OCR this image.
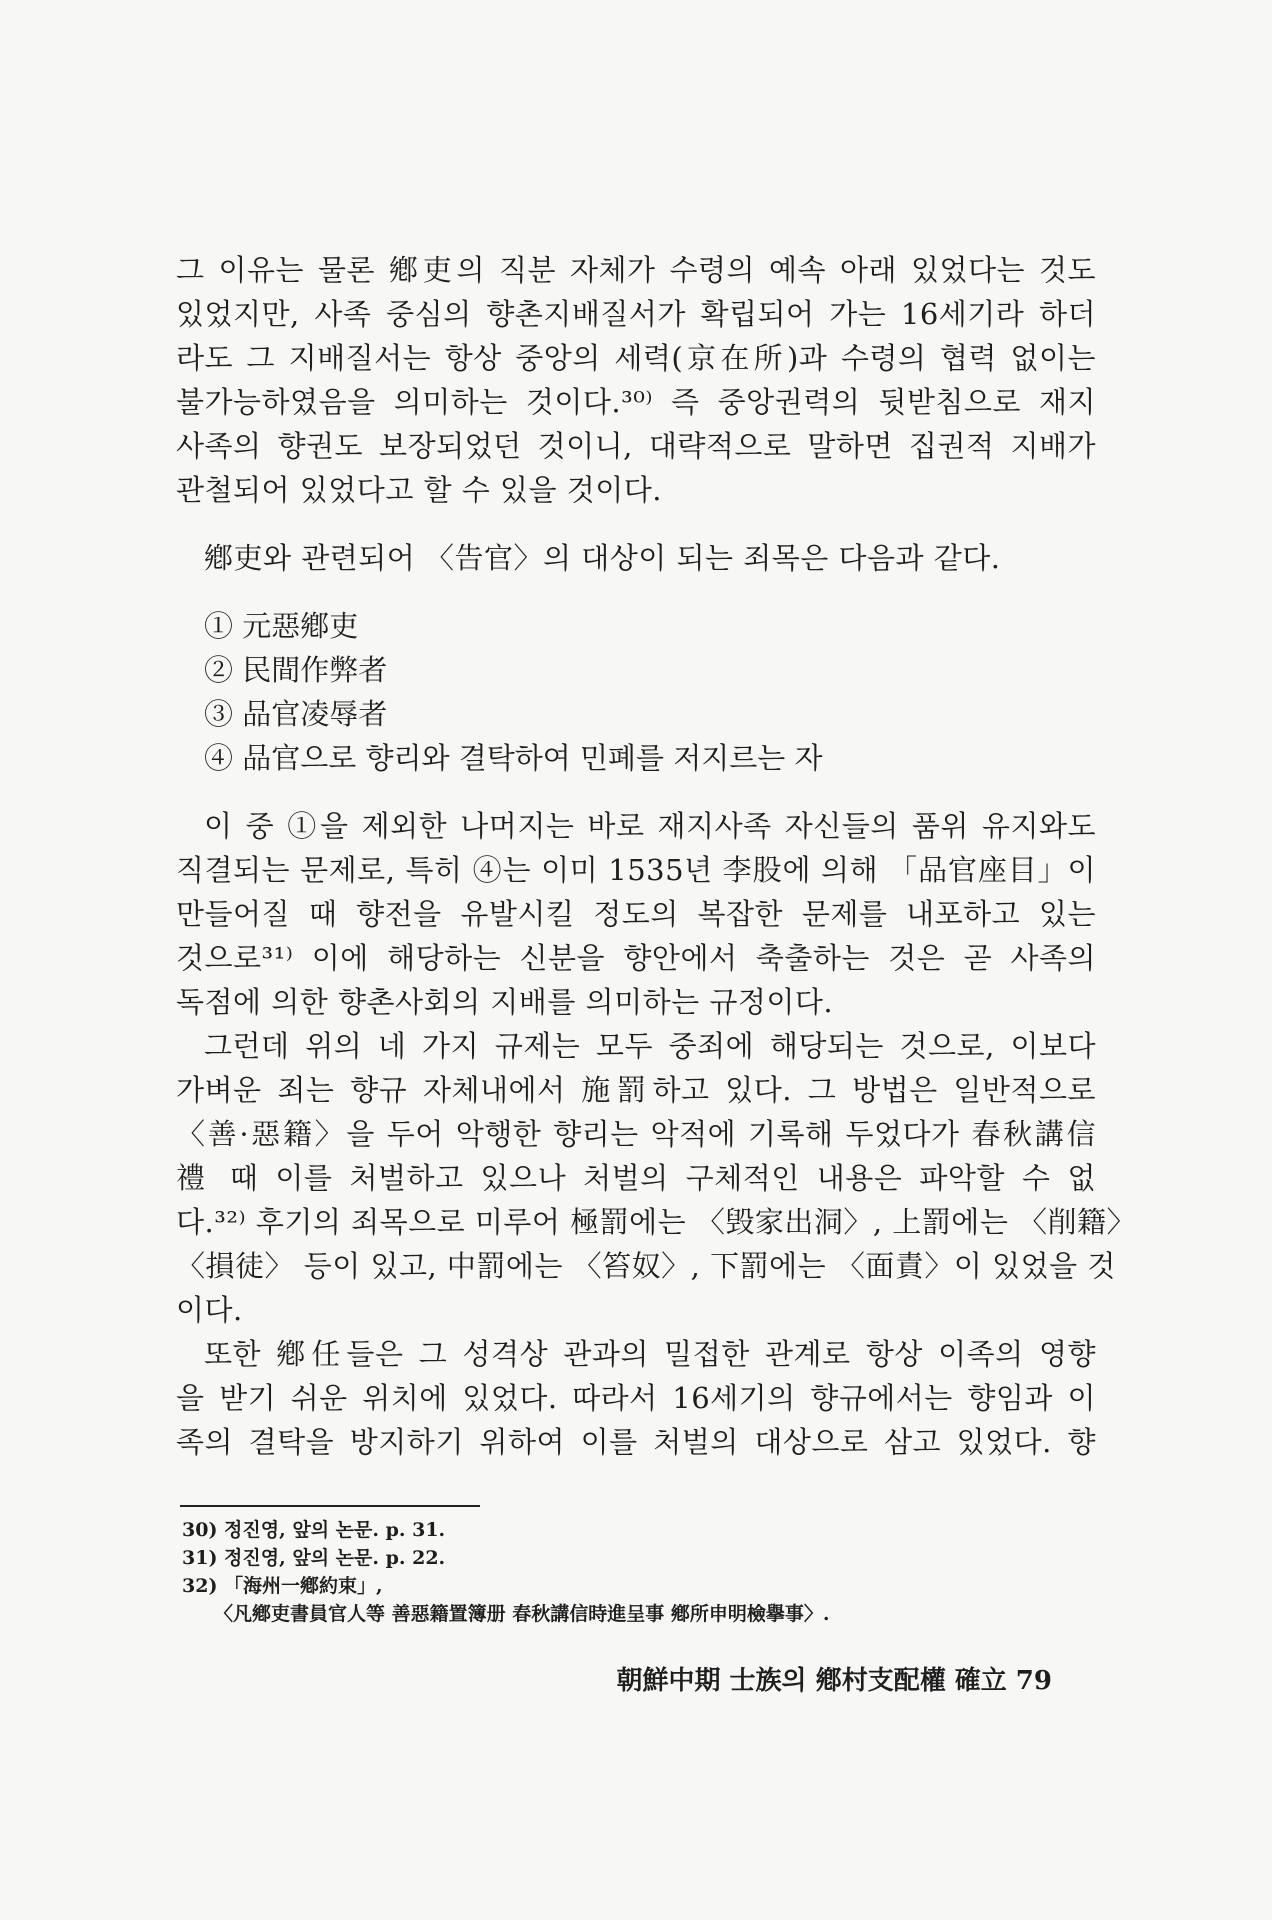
그 이유는 물론 鄕吏의 직분 자체가 수령의 예속 아래 있었다는 것도
있었지만, 사족 중심의 향촌지배질서가 확립되어 가는 16세기라 하더
라도 그 지배질서는 항상 중앙의 세력(京在所)과 수령의 협력 없이는
불가능하였음을 의미하는 것이다.³⁰⁾ 즉 중앙권력의 뒷받침으로 재지
사족의 향권도 보장되었던 것이니, 대략적으로 말하면 집권적 지배가
관철되어 있었다고 할 수 있을 것이다.
鄕吏와 관련되어 〈告官〉의 대상이 되는 죄목은 다음과 같다.
① 元惡鄕吏
② 民間作弊者
③ 品官凌辱者
④ 品官으로 향리와 결탁하여 민폐를 저지르는 자
이 중 ①을 제외한 나머지는 바로 재지사족 자신들의 품위 유지와도
직결되는 문제로, 특히 ④는 이미 1535년 李股에 의해 「品官座目」이
만들어질 때 향전을 유발시킬 정도의 복잡한 문제를 내포하고 있는
것으로³¹⁾ 이에 해당하는 신분을 향안에서 축출하는 것은 곧 사족의
독점에 의한 향촌사회의 지배를 의미하는 규정이다.
그런데 위의 네 가지 규제는 모두 중죄에 해당되는 것으로, 이보다
가벼운 죄는 향규 자체내에서 施罰하고 있다. 그 방법은 일반적으로
〈善·惡籍〉을 두어 악행한 향리는 악적에 기록해 두었다가 春秋講信
禮 때 이를 처벌하고 있으나 처벌의 구체적인 내용은 파악할 수 없
다.³²⁾ 후기의 죄목으로 미루어 極罰에는 〈毁家出洞〉, 上罰에는 〈削籍〉
〈損徒〉 등이 있고, 中罰에는 〈笞奴〉, 下罰에는 〈面責〉이 있었을 것
이다.
또한 鄕任들은 그 성격상 관과의 밀접한 관계로 항상 이족의 영향
을 받기 쉬운 위치에 있었다. 따라서 16세기의 향규에서는 향임과 이
족의 결탁을 방지하기 위하여 이를 처벌의 대상으로 삼고 있었다. 향
30) 정진영, 앞의 논문. p. 31.
31) 정진영, 앞의 논문. p. 22.
32) 「海州一鄕約束」,
〈凡鄕吏書員官人等 善惡籍置簿册 春秋講信時進呈事 鄕所申明檢擧事〉.
朝鮮中期 士族의 鄕村支配權 確立 79
